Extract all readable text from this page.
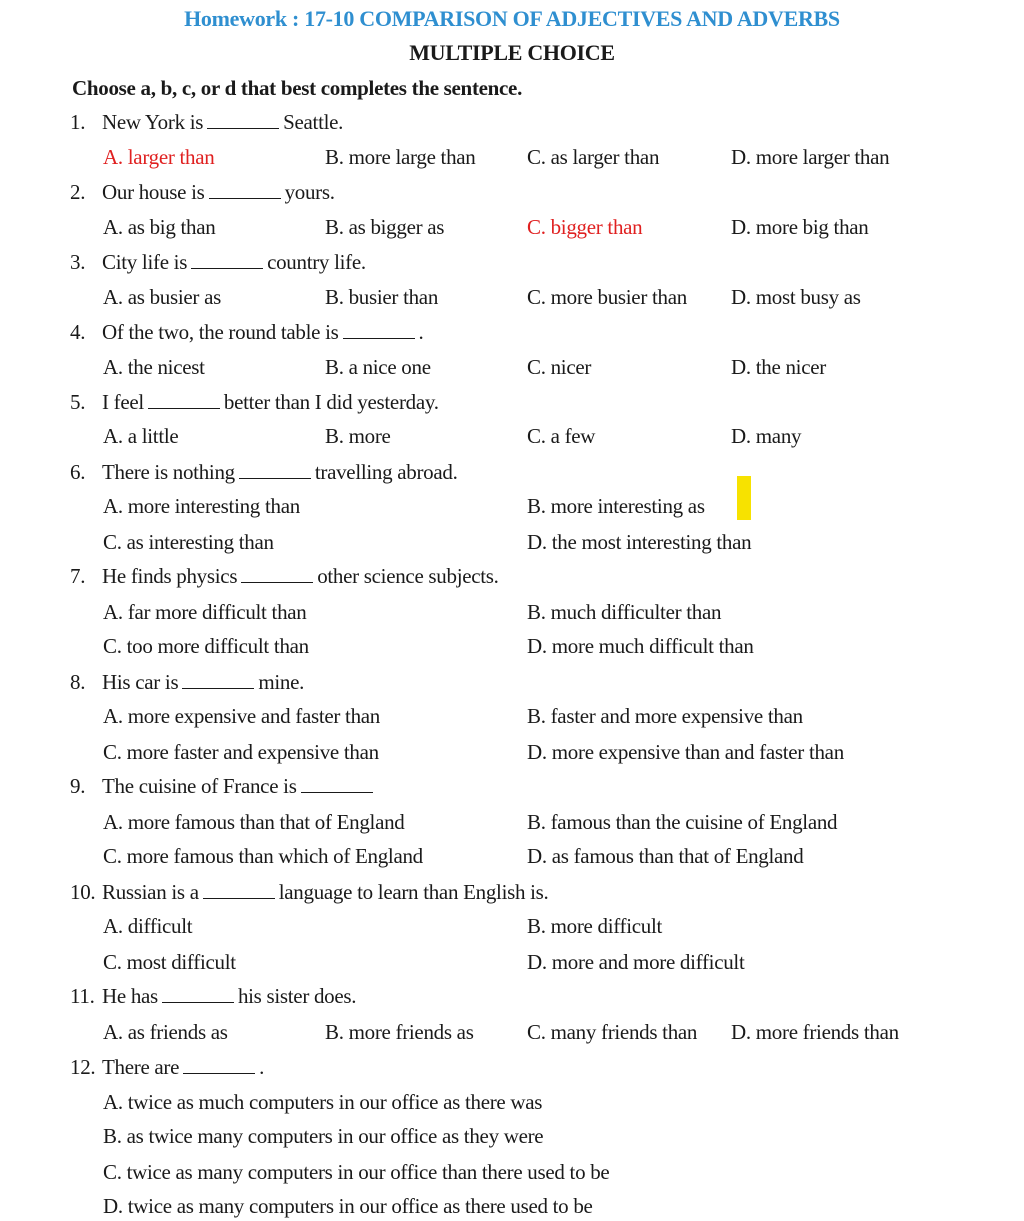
Homework : 17-10 COMPARISON OF ADJECTIVES AND ADVERBS
MULTIPLE CHOICE
Choose a, b, c, or d that best completes the sentence.
1. New York is	Seattle.
A. larger than	B. more large than C. as larger than	D. more larger than
2. Our house is	yours.
A. as big than	B. as bigger as	C. bigger than	D. more big than
3. City life is	country life.
A. as busier as	B. busier than	C. more busier than D. most busy as
4. Of the two, the round table is	.
A. the nicest	B. a nice one	C. nicer	D. the nicer
5. I feel	better than I did yesterday.
A. a little	B. more	C. a few	D. many
6. There is nothing	travelling abroad.
A. more interesting than	B. more interesting as
C. as interesting than	D. the most interesting than
7. He finds physics	other science subjects.
A. far more difficult than	B. much difficulter than
C. too more difficult than	D. more much difficult than
8. His car is	mine.
A. more expensive and faster than	B. faster and more expensive than
C. more faster and expensive than	D. more expensive than and faster than
9. The cuisine of France is
A. more famous than that of England	B. famous than the cuisine of England
C. more famous than which of England	D. as famous than that of England
10. Russian is a	language to learn than English is.
A. difficult	B. more difficult
C. most difficult	D. more and more difficult
11. He has	his sister does.
A. as friends as	B. more friends as	C. many friends than D. more friends than
12. There are	.
A. twice as much computers in our office as there was
B. as twice many computers in our office as they were
C. twice as many computers in our office than there used to be
D. twice as many computers in our office as there used to be
